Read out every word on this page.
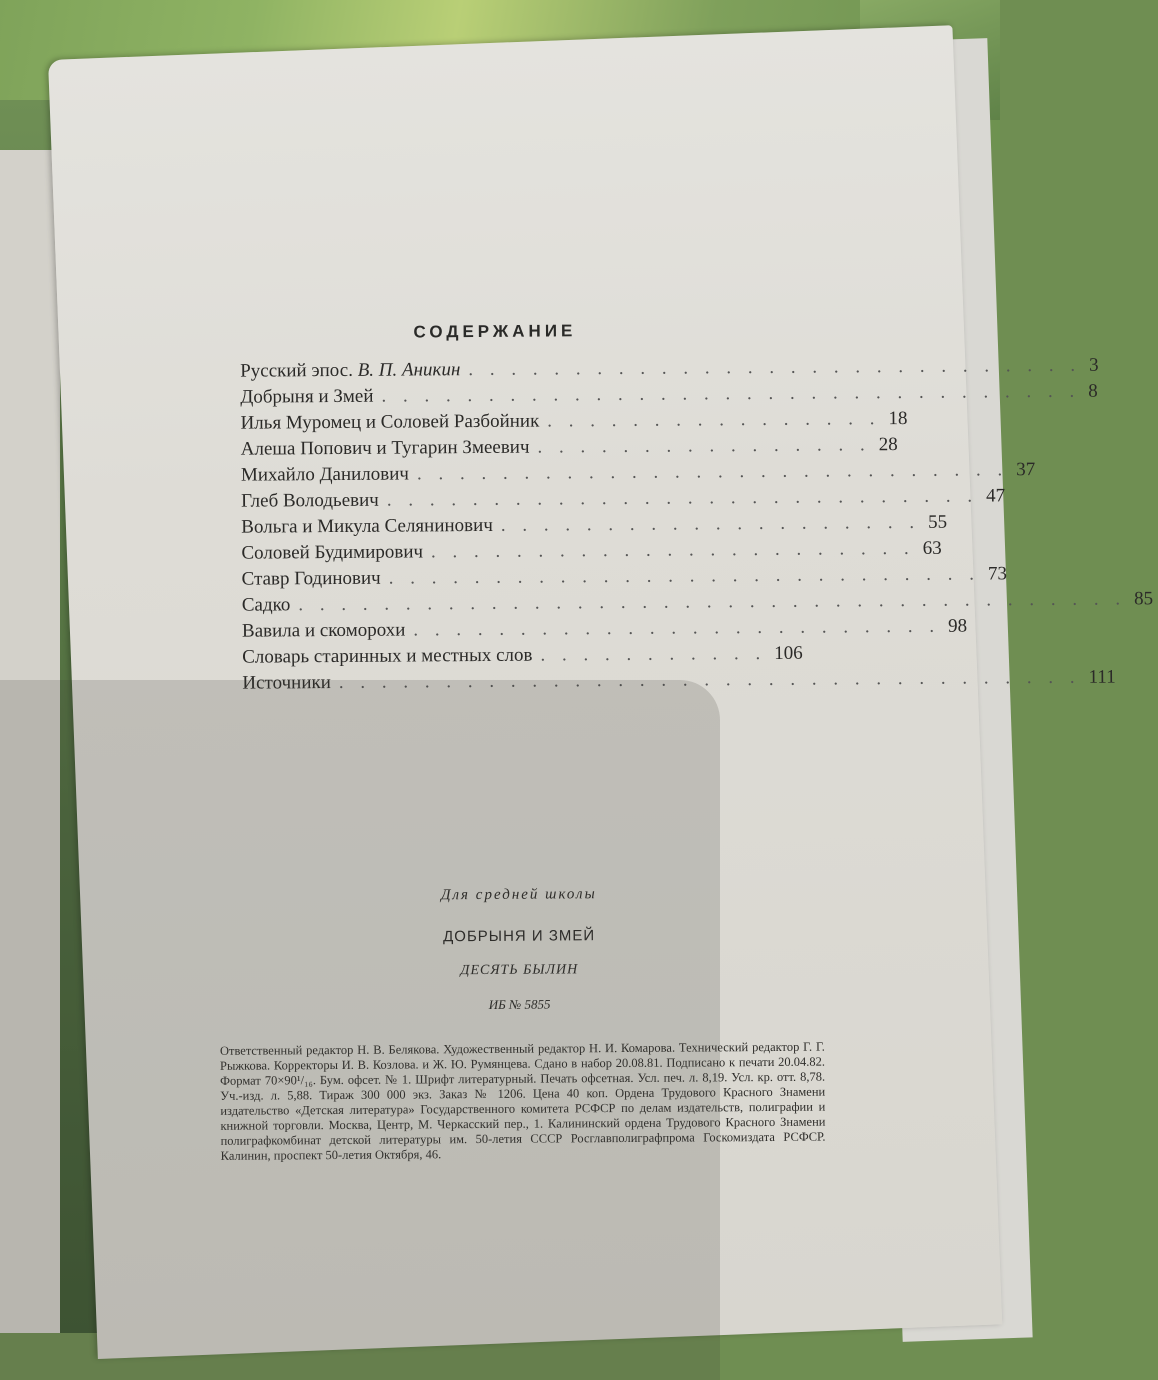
СОДЕРЖАНИЕ
Русский эпос. В. П. Аникин . . . . . . . . . . . . . . . . . . . . . . . . . . . . . 3
Добрыня и Змей . . . . . . . . . . . . . . . . . . . . . . . . . . . . . . . . . 8
Илья Муромец и Соловей Разбойник . . . . . . . . . . . . . . . . 18
Алеша Попович и Тугарин Змеевич . . . . . . . . . . . . . . . . 28
Михайло Данилович . . . . . . . . . . . . . . . . . . . . . . . . . . . . 37
Глеб Володьевич . . . . . . . . . . . . . . . . . . . . . . . . . . . . 47
Вольга и Микула Селянинович . . . . . . . . . . . . . . . . . . . . 55
Соловей Будимирович . . . . . . . . . . . . . . . . . . . . . . . 63
Ставр Годинович . . . . . . . . . . . . . . . . . . . . . . . . . . . . 73
Садко . . . . . . . . . . . . . . . . . . . . . . . . . . . . . . . . . . . . . . . 85
Вавила и скоморохи . . . . . . . . . . . . . . . . . . . . . . . . . 98
Словарь старинных и местных слов . . . . . . . . . . . 106
Источники . . . . . . . . . . . . . . . . . . . . . . . . . . . . . . . . . . . 111
Для средней школы
ДОБРЫНЯ И ЗМЕЙ
ДЕСЯТЬ БЫЛИН
ИБ № 5855
Ответственный редактор Н. В. Белякова. Художественный редактор Н. И. Комарова. Технический редактор Г. Г. Рыжкова. Корректоры И. В. Козлова. и Ж. Ю. Румянцева. Сдано в набор 20.08.81. Подписано к печати 20.04.82. Формат 70×90¹/₁₆. Бум. офсет. № 1. Шрифт литературный. Печать офсетная. Усл. печ. л. 8,19. Усл. кр. отт. 8,78. Уч.-изд. л. 5,88. Тираж 300 000 экз. Заказ № 1206. Цена 40 коп. Ордена Трудового Красного Знамени издательство «Детская литература» Государственного комитета РСФСР по делам издательств, полиграфии и книжной торговли. Москва, Центр, М. Черкасский пер., 1. Калининский ордена Трудового Красного Знамени полиграфкомбинат детской литературы им. 50-летия СССР Росглавполиграфпрома Госкомиздата РСФСР. Калинин, проспект 50-летия Октября, 46.
